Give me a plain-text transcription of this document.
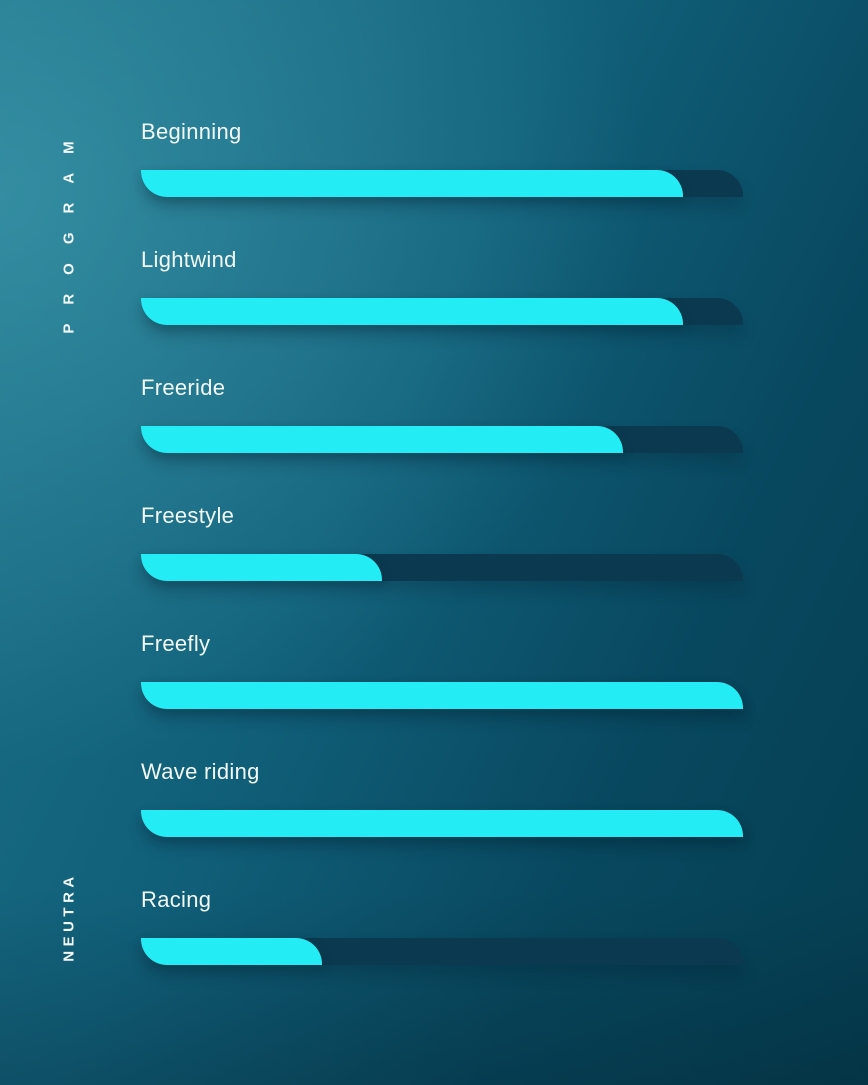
PROGRAM
NEUTRA
Beginning
Lightwind
Freeride
Freestyle
Freefly
Wave riding
Racing
